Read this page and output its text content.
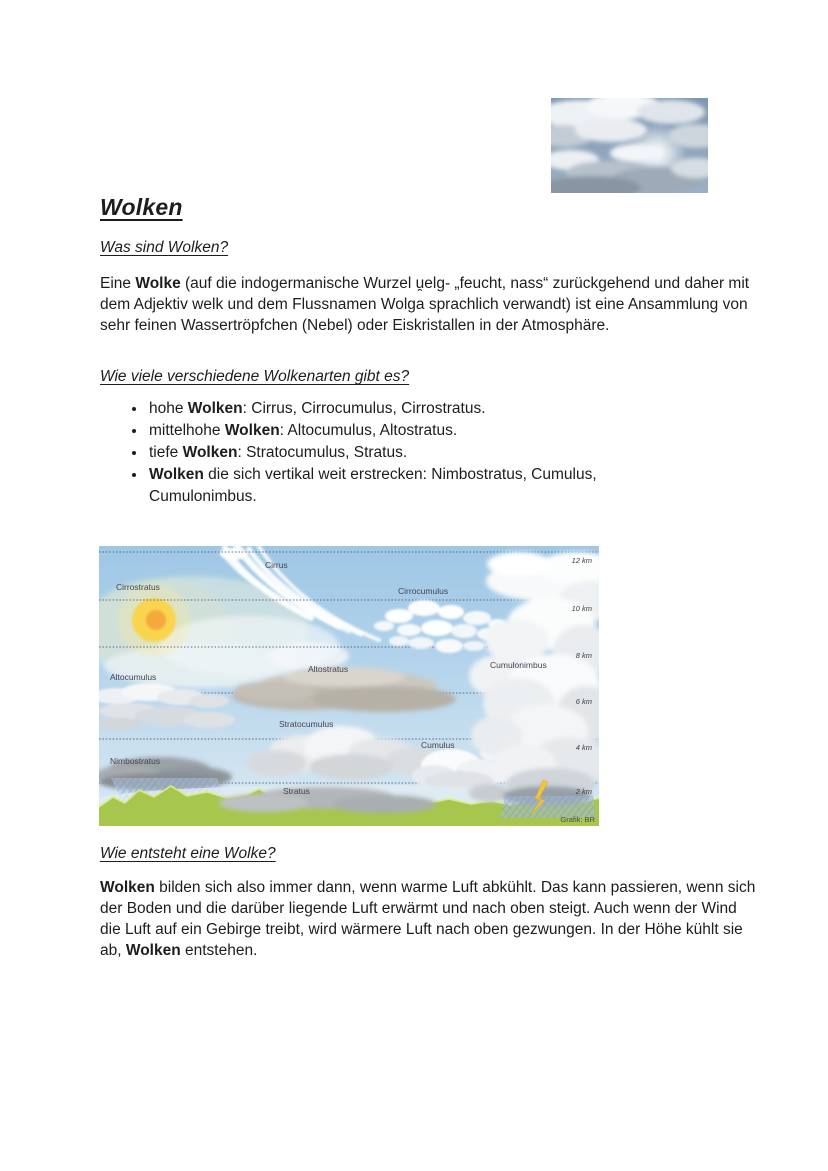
Wolken
Was sind Wolken?

Eine Wolke (auf die indogermanische Wurzel u̯elg- „feucht, nass“ zurückgehend und daher mit dem Adjektiv welk und dem Flussnamen Wolga sprachlich verwandt) ist eine Ansammlung von sehr feinen Wassertröpfchen (Nebel) oder Eiskristallen in der Atmosphäre.

Wie viele verschiedene Wolkenarten gibt es?
• hohe Wolken: Cirrus, Cirrocumulus, Cirrostratus.
• mittelhohe Wolken: Altocumulus, Altostratus.
• tiefe Wolken: Stratocumulus, Stratus.
• Wolken die sich vertikal weit erstrecken: Nimbostratus, Cumulus, Cumulonimbus.
Cirrus
Cirrostratus	Cirrocumulus
Altostratus	Cumulonimbus
Altocumulus
Stratocumulus
Cumulus
Nimbostratus
Stratus
12 km
10 km
8 km
6 km
4 km
2 km
Grafik: BR
Wie entsteht eine Wolke?

Wolken bilden sich also immer dann, wenn warme Luft abkühlt. Das kann passieren, wenn sich der Boden und die darüber liegende Luft erwärmt und nach oben steigt. Auch wenn der Wind die Luft auf ein Gebirge treibt, wird wärmere Luft nach oben gezwungen. In der Höhe kühlt sie ab, Wolken entstehen.
